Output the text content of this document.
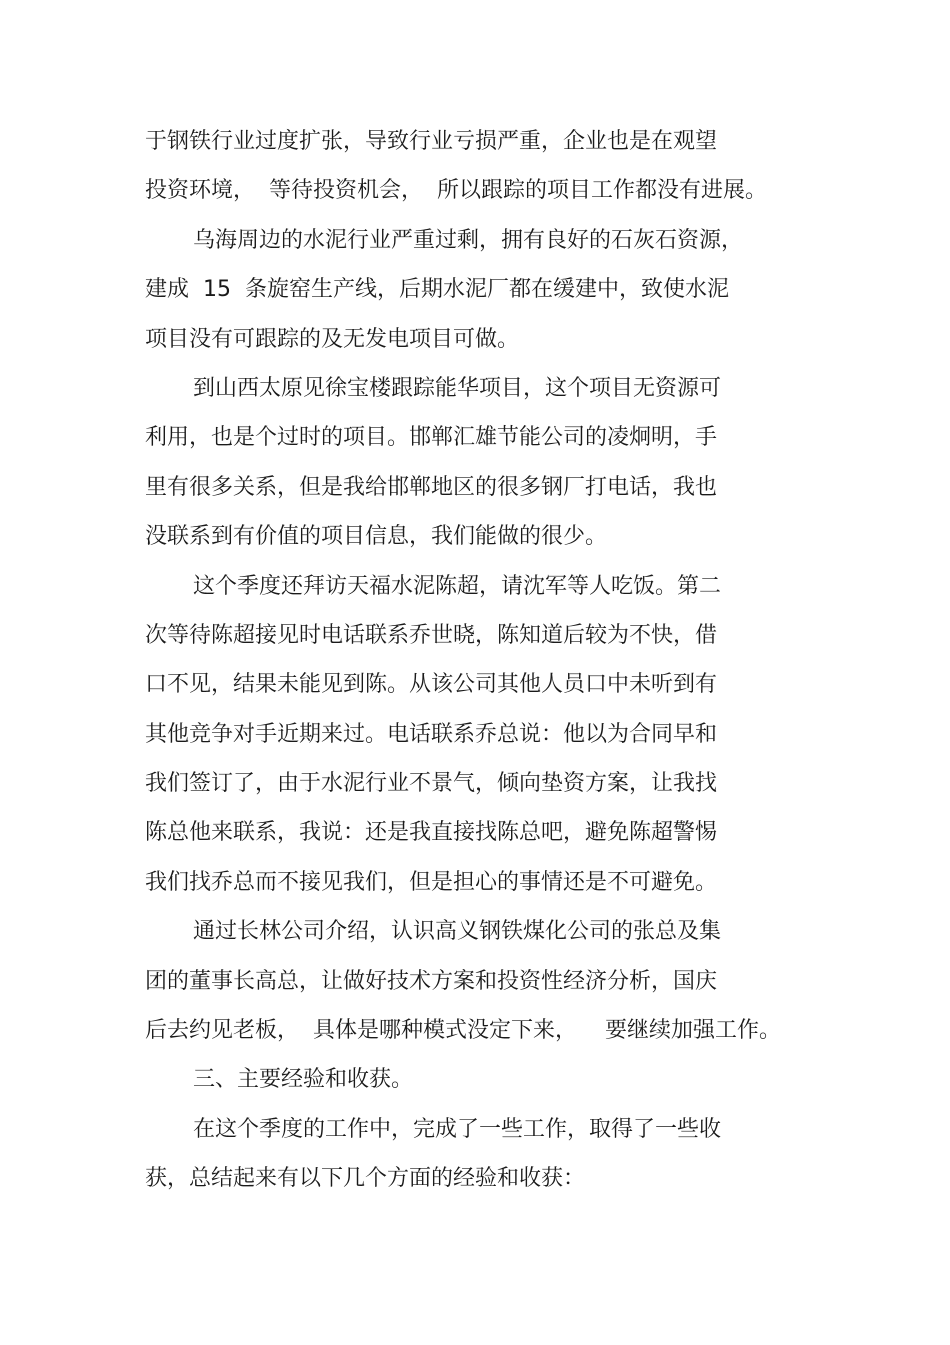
于钢铁行业过度扩张，导致行业亏损严重，企业也是在观望
投资环境，  等待投资机会，  所以跟踪的项目工作都没有进展。
乌海周边的水泥行业严重过剩，拥有良好的石灰石资源，
建成  15  条旋窑生产线，后期水泥厂都在缓建中，致使水泥
项目没有可跟踪的及无发电项目可做。
到山西太原见徐宝楼跟踪能华项目，这个项目无资源可
利用，也是个过时的项目。邯郸汇雄节能公司的凌炯明，手
里有很多关系，但是我给邯郸地区的很多钢厂打电话，我也
没联系到有价值的项目信息，我们能做的很少。
这个季度还拜访天福水泥陈超，请沈军等人吃饭。第二
次等待陈超接见时电话联系乔世晓，陈知道后较为不快，借
口不见，结果未能见到陈。从该公司其他人员口中未听到有
其他竞争对手近期来过。电话联系乔总说：他以为合同早和
我们签订了，由于水泥行业不景气，倾向垫资方案，让我找
陈总他来联系，我说：还是我直接找陈总吧，避免陈超警惕
我们找乔总而不接见我们，但是担心的事情还是不可避免。
通过长林公司介绍，认识高义钢铁煤化公司的张总及集
团的董事长高总，让做好技术方案和投资性经济分析，国庆
后去约见老板，  具体是哪种模式没定下来，    要继续加强工作。
三、主要经验和收获。
在这个季度的工作中，完成了一些工作，取得了一些收
获，总结起来有以下几个方面的经验和收获：
